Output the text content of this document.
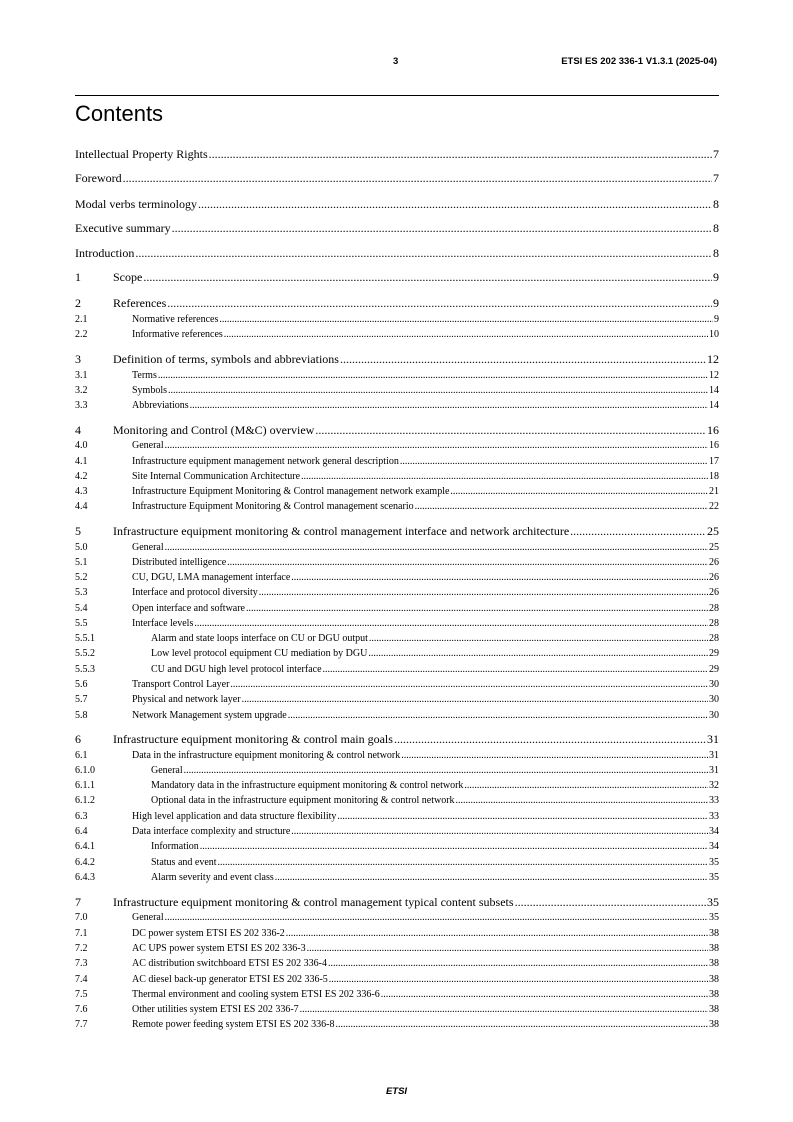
3	ETSI ES 202 336-1 V1.3.1 (2025-04)
Contents
Intellectual Property Rights .....	7
Foreword .....	7
Modal verbs terminology .....	8
Executive summary .....	8
Introduction .....	8
1	Scope .....	9
2	References .....	9
2.1	Normative references .....	9
2.2	Informative references .....	10
3	Definition of terms, symbols and abbreviations .....	12
3.1	Terms .....	12
3.2	Symbols .....	14
3.3	Abbreviations .....	14
4	Monitoring and Control (M&C) overview .....	16
4.0	General .....	16
4.1	Infrastructure equipment management network general description .....	17
4.2	Site Internal Communication Architecture .....	18
4.3	Infrastructure Equipment Monitoring & Control management network example .....	21
4.4	Infrastructure Equipment Monitoring & Control management scenario .....	22
5	Infrastructure equipment monitoring & control management interface and network architecture .....	25
5.0	General .....	25
5.1	Distributed intelligence .....	26
5.2	CU, DGU, LMA management interface .....	26
5.3	Interface and protocol diversity .....	26
5.4	Open interface and software .....	28
5.5	Interface levels .....	28
5.5.1	Alarm and state loops interface on CU or DGU output .....	28
5.5.2	Low level protocol equipment CU mediation by DGU .....	29
5.5.3	CU and DGU high level protocol interface .....	29
5.6	Transport Control Layer .....	30
5.7	Physical and network layer .....	30
5.8	Network Management system upgrade .....	30
6	Infrastructure equipment monitoring & control main goals .....	31
6.1	Data in the infrastructure equipment monitoring & control network .....	31
6.1.0	General .....	31
6.1.1	Mandatory data in the infrastructure equipment monitoring & control network .....	32
6.1.2	Optional data in the infrastructure equipment monitoring & control network .....	33
6.3	High level application and data structure flexibility .....	33
6.4	Data interface complexity and structure .....	34
6.4.1	Information .....	34
6.4.2	Status and event .....	35
6.4.3	Alarm severity and event class .....	35
7	Infrastructure equipment monitoring & control management typical content subsets .....	35
7.0	General .....	35
7.1	DC power system ETSI ES 202 336-2 .....	38
7.2	AC UPS power system ETSI ES 202 336-3 .....	38
7.3	AC distribution switchboard ETSI ES 202 336-4 .....	38
7.4	AC diesel back-up generator ETSI ES 202 336-5 .....	38
7.5	Thermal environment and cooling system ETSI ES 202 336-6 .....	38
7.6	Other utilities system ETSI ES 202 336-7 .....	38
7.7	Remote power feeding system ETSI ES 202 336-8 .....	38
ETSI
